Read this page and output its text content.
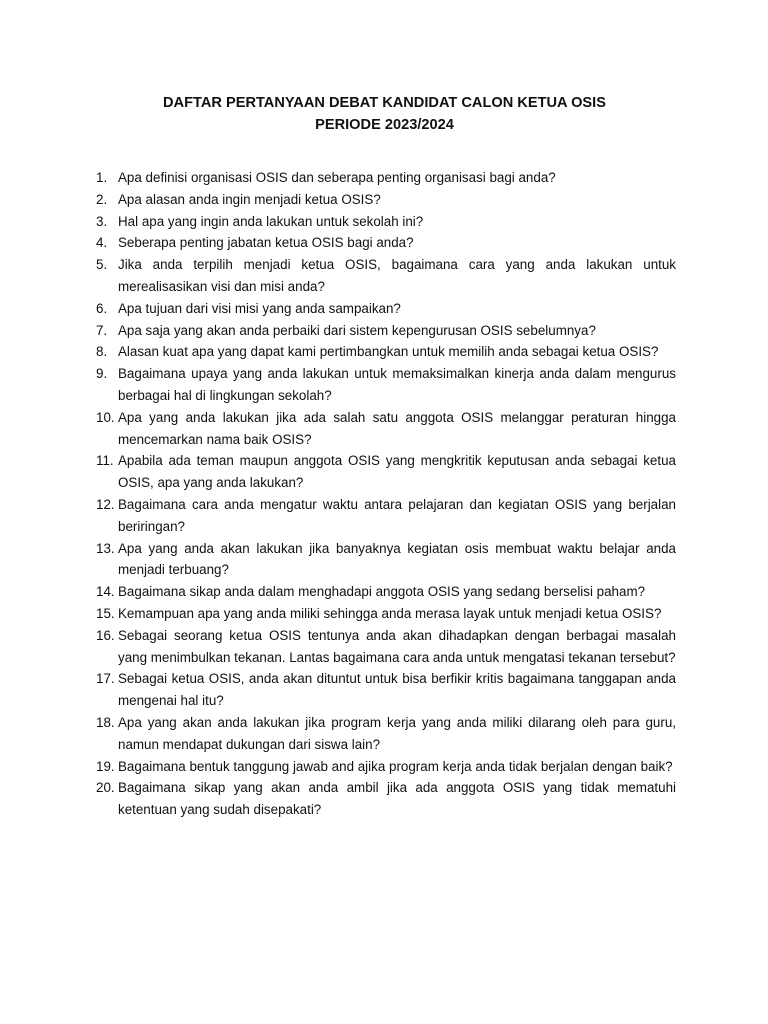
DAFTAR PERTANYAAN DEBAT KANDIDAT CALON KETUA OSIS
PERIODE 2023/2024
1. Apa definisi organisasi OSIS dan seberapa penting organisasi bagi anda?
2. Apa alasan anda ingin menjadi ketua OSIS?
3. Hal apa yang ingin anda lakukan untuk sekolah ini?
4. Seberapa penting jabatan ketua OSIS bagi anda?
5. Jika anda terpilih menjadi ketua OSIS, bagaimana cara yang anda lakukan untuk merealisasikan visi dan misi anda?
6. Apa tujuan dari visi misi yang anda sampaikan?
7. Apa saja yang akan anda perbaiki dari sistem kepengurusan OSIS sebelumnya?
8. Alasan kuat apa yang dapat kami pertimbangkan untuk memilih anda sebagai ketua OSIS?
9. Bagaimana upaya yang anda lakukan untuk memaksimalkan kinerja anda dalam mengurus berbagai hal di lingkungan sekolah?
10. Apa yang anda lakukan jika ada salah satu anggota OSIS melanggar peraturan hingga mencemarkan nama baik OSIS?
11. Apabila ada teman maupun anggota OSIS yang mengkritik keputusan anda sebagai ketua OSIS, apa yang anda lakukan?
12. Bagaimana cara anda mengatur waktu antara pelajaran dan kegiatan OSIS yang berjalan beriringan?
13. Apa yang anda akan lakukan jika banyaknya kegiatan osis membuat waktu belajar anda menjadi terbuang?
14. Bagaimana sikap anda dalam menghadapi anggota OSIS yang sedang berselisi paham?
15. Kemampuan apa yang anda miliki sehingga anda merasa layak untuk menjadi ketua OSIS?
16. Sebagai seorang ketua OSIS tentunya anda akan dihadapkan dengan berbagai masalah yang menimbulkan tekanan. Lantas bagaimana cara anda untuk mengatasi tekanan tersebut?
17. Sebagai ketua OSIS, anda akan dituntut untuk bisa berfikir kritis bagaimana tanggapan anda mengenai hal itu?
18. Apa yang akan anda lakukan jika program kerja yang anda miliki dilarang oleh para guru, namun mendapat dukungan dari siswa lain?
19. Bagaimana bentuk tanggung jawab and ajika program kerja anda tidak berjalan dengan baik?
20. Bagaimana sikap yang akan anda ambil jika ada anggota OSIS yang tidak mematuhi ketentuan yang sudah disepakati?
